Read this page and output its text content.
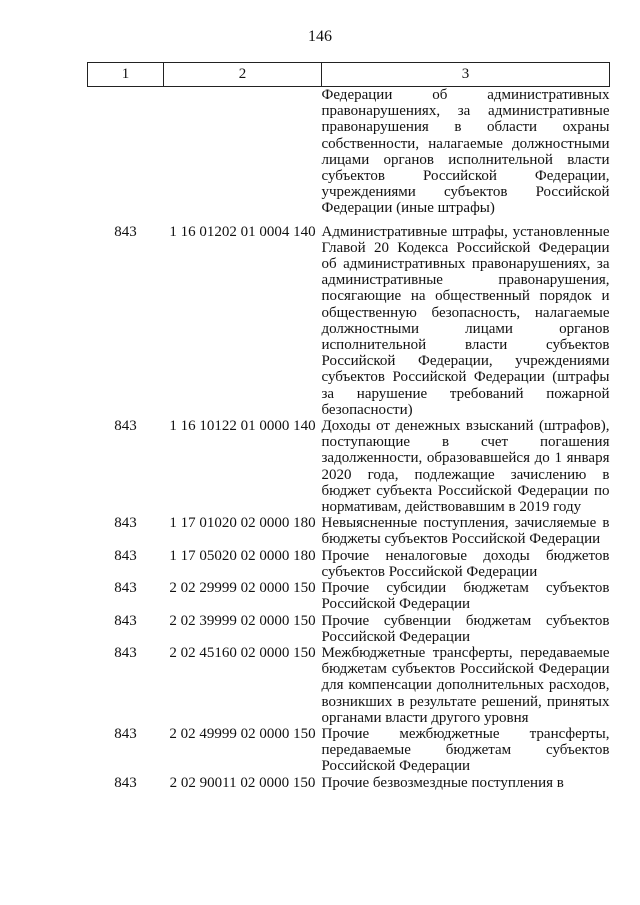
146
1	2	3
		Федерации об административных правонарушениях, за административные правонарушения в области охраны собственности, налагаемые должностными лицами органов исполнительной власти субъектов Российской Федерации, учреждениями субъектов Российской Федерации (иные штрафы)
843	1 16 01202 01 0004 140	Административные штрафы, установленные Главой 20 Кодекса Российской Федерации об административных правонарушениях, за административные правонарушения, посягающие на общественный порядок и общественную безопасность, налагаемые должностными лицами органов исполнительной власти субъектов Российской Федерации, учреждениями субъектов Российской Федерации (штрафы за нарушение требований пожарной безопасности)
843	1 16 10122 01 0000 140	Доходы от денежных взысканий (штрафов), поступающие в счет погашения задолженности, образовавшейся до 1 января 2020 года, подлежащие зачислению в бюджет субъекта Российской Федерации по нормативам, действовавшим в 2019 году
843	1 17 01020 02 0000 180	Невыясненные поступления, зачисляемые в бюджеты субъектов Российской Федерации
843	1 17 05020 02 0000 180	Прочие неналоговые доходы бюджетов субъектов Российской Федерации
843	2 02 29999 02 0000 150	Прочие субсидии бюджетам субъектов Российской Федерации
843	2 02 39999 02 0000 150	Прочие субвенции бюджетам субъектов Российской Федерации
843	2 02 45160 02 0000 150	Межбюджетные трансферты, передаваемые бюджетам субъектов Российской Федерации для компенсации дополнительных расходов, возникших в результате решений, принятых органами власти другого уровня
843	2 02 49999 02 0000 150	Прочие межбюджетные трансферты, передаваемые бюджетам субъектов Российской Федерации
843	2 02 90011 02 0000 150	Прочие безвозмездные поступления в
